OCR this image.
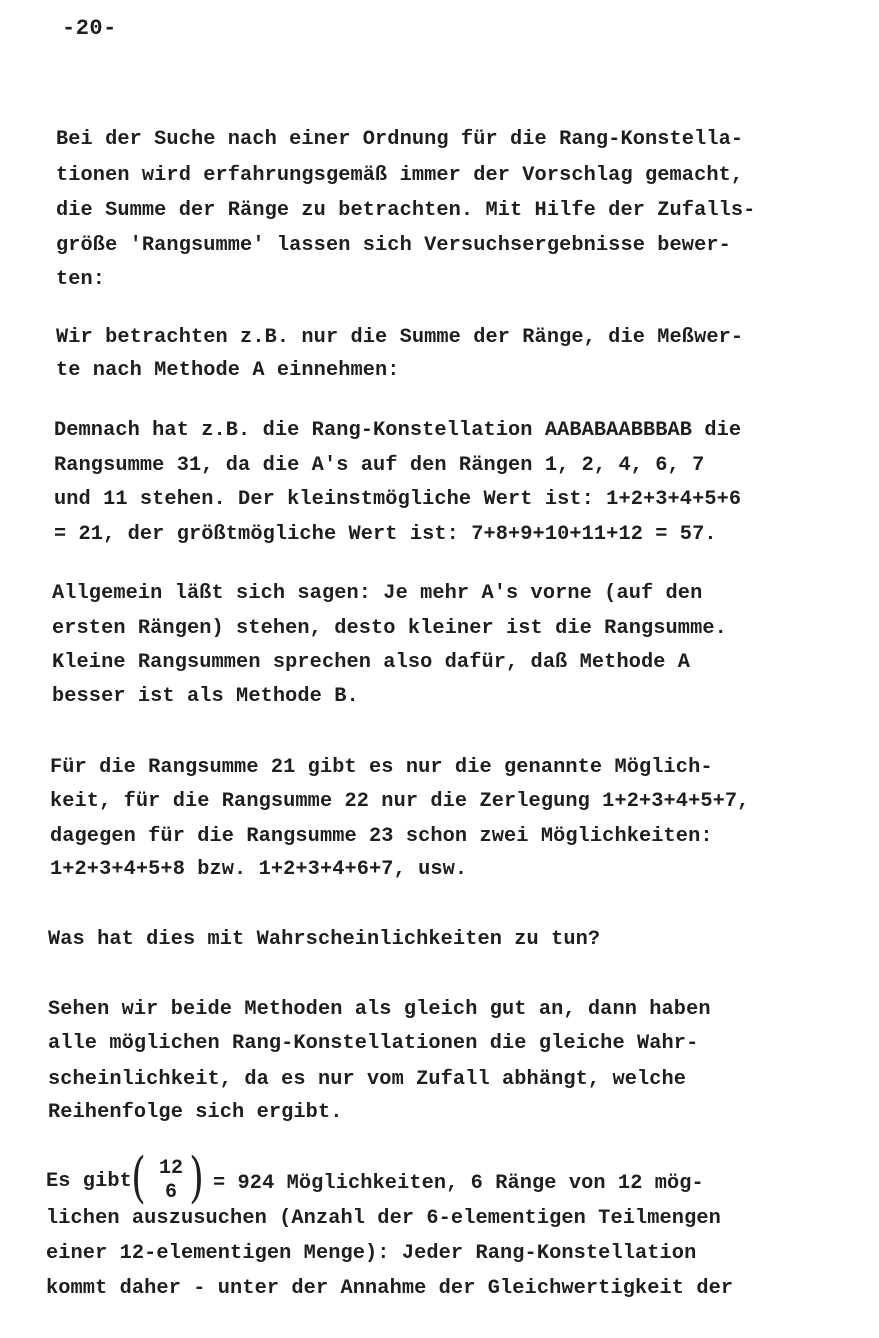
-20-
Bei der Suche nach einer Ordnung für die Rang-Konstella-
tionen wird erfahrungsgemäß immer der Vorschlag gemacht,
die Summe der Ränge zu betrachten. Mit Hilfe der Zufalls-
größe 'Rangsumme' lassen sich Versuchsergebnisse bewer-
ten:
Wir betrachten z.B. nur die Summe der Ränge, die Meßwer-
te nach Methode A einnehmen:
Demnach hat z.B. die Rang-Konstellation AABABAABBBAB die
Rangsumme 31, da die A's auf den Rängen 1, 2, 4, 6, 7
und 11 stehen. Der kleinstmögliche Wert ist: 1+2+3+4+5+6
= 21, der größtmögliche Wert ist: 7+8+9+10+11+12 = 57.
Allgemein läßt sich sagen: Je mehr A's vorne (auf den
ersten Rängen) stehen, desto kleiner ist die Rangsumme.
Kleine Rangsummen sprechen also dafür, daß Methode A
besser ist als Methode B.
Für die Rangsumme 21 gibt es nur die genannte Möglich-
keit, für die Rangsumme 22 nur die Zerlegung 1+2+3+4+5+7,
dagegen für die Rangsumme 23 schon zwei Möglichkeiten:
1+2+3+4+5+8 bzw. 1+2+3+4+6+7, usw.
Was hat dies mit Wahrscheinlichkeiten zu tun?
Sehen wir beide Methoden als gleich gut an, dann haben
alle möglichen Rang-Konstellationen die gleiche Wahr-
scheinlichkeit, da es nur vom Zufall abhängt, welche
Reihenfolge sich ergibt.
Es gibt ( 12
6 ) = 924 Möglichkeiten, 6 Ränge von 12 mög-
lichen auszusuchen (Anzahl der 6-elementigen Teilmengen
einer 12-elementigen Menge): Jeder Rang-Konstellation
kommt daher - unter der Annahme der Gleichwertigkeit der
